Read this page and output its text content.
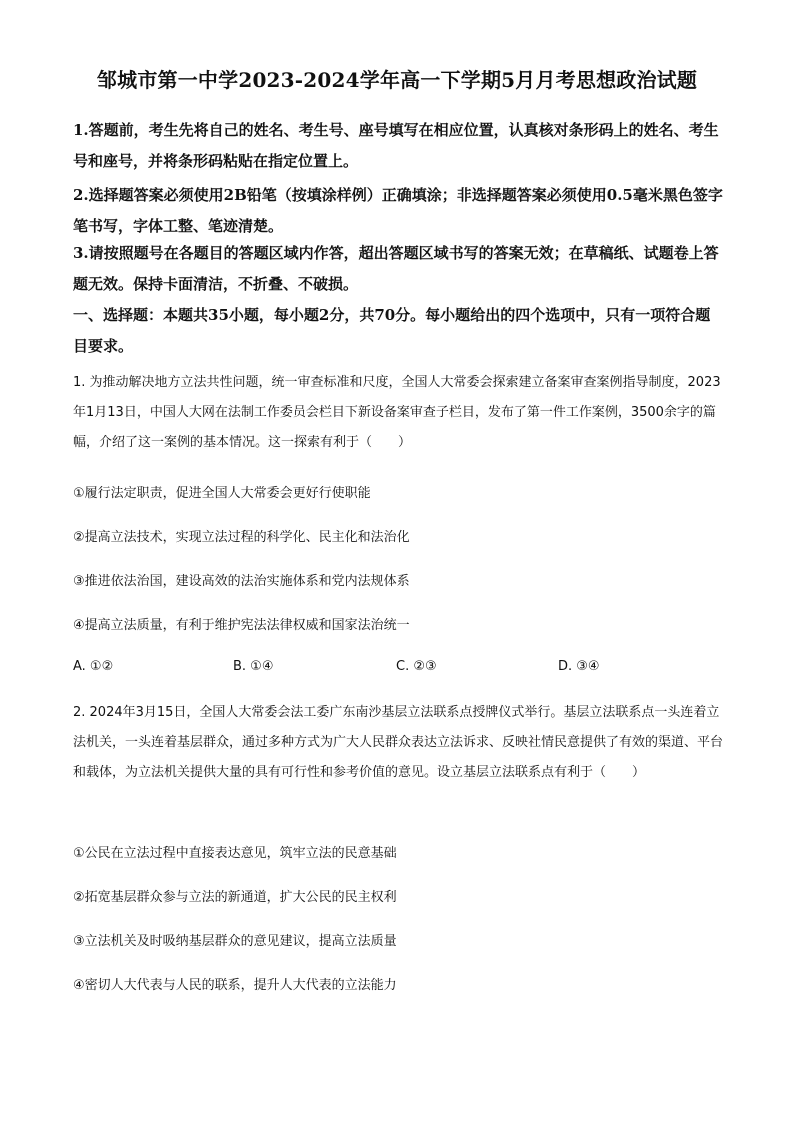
邹城市第一中学2023-2024学年高一下学期5月月考思想政治试题
1.答题前，考生先将自己的姓名、考生号、座号填写在相应位置，认真核对条形码上的姓名、考生号和座号，并将条形码粘贴在指定位置上。
2.选择题答案必须使用2B铅笔（按填涂样例）正确填涂；非选择题答案必须使用0.5毫米黑色签字笔书写，字体工整、笔迹清楚。
3.请按照题号在各题目的答题区域内作答，超出答题区域书写的答案无效；在草稿纸、试题卷上答题无效。保持卡面清洁，不折叠、不破损。
一、选择题：本题共35小题，每小题2分，共70分。每小题给出的四个选项中，只有一项符合题目要求。
1. 为推动解决地方立法共性问题，统一审查标准和尺度，全国人大常委会探索建立备案审查案例指导制度，2023年1月13日，中国人大网在法制工作委员会栏目下新设备案审查子栏目，发布了第一件工作案例，3500余字的篇幅，介绍了这一案例的基本情况。这一探索有利于（　　）
①履行法定职责，促进全国人大常委会更好行使职能
②提高立法技术，实现立法过程的科学化、民主化和法治化
③推进依法治国，建设高效的法治实施体系和党内法规体系
④提高立法质量，有利于维护宪法法律权威和国家法治统一
A. ①②	B. ①④	C. ②③	D. ③④
2. 2024年3月15日，全国人大常委会法工委广东南沙基层立法联系点授牌仪式举行。基层立法联系点一头连着立法机关，一头连着基层群众，通过多种方式为广大人民群众表达立法诉求、反映社情民意提供了有效的渠道、平台和载体，为立法机关提供大量的具有可行性和参考价值的意见。设立基层立法联系点有利于（　　）
①公民在立法过程中直接表达意见，筑牢立法的民意基础
②拓宽基层群众参与立法的新通道，扩大公民的民主权利
③立法机关及时吸纳基层群众的意见建议，提高立法质量
④密切人大代表与人民的联系，提升人大代表的立法能力
